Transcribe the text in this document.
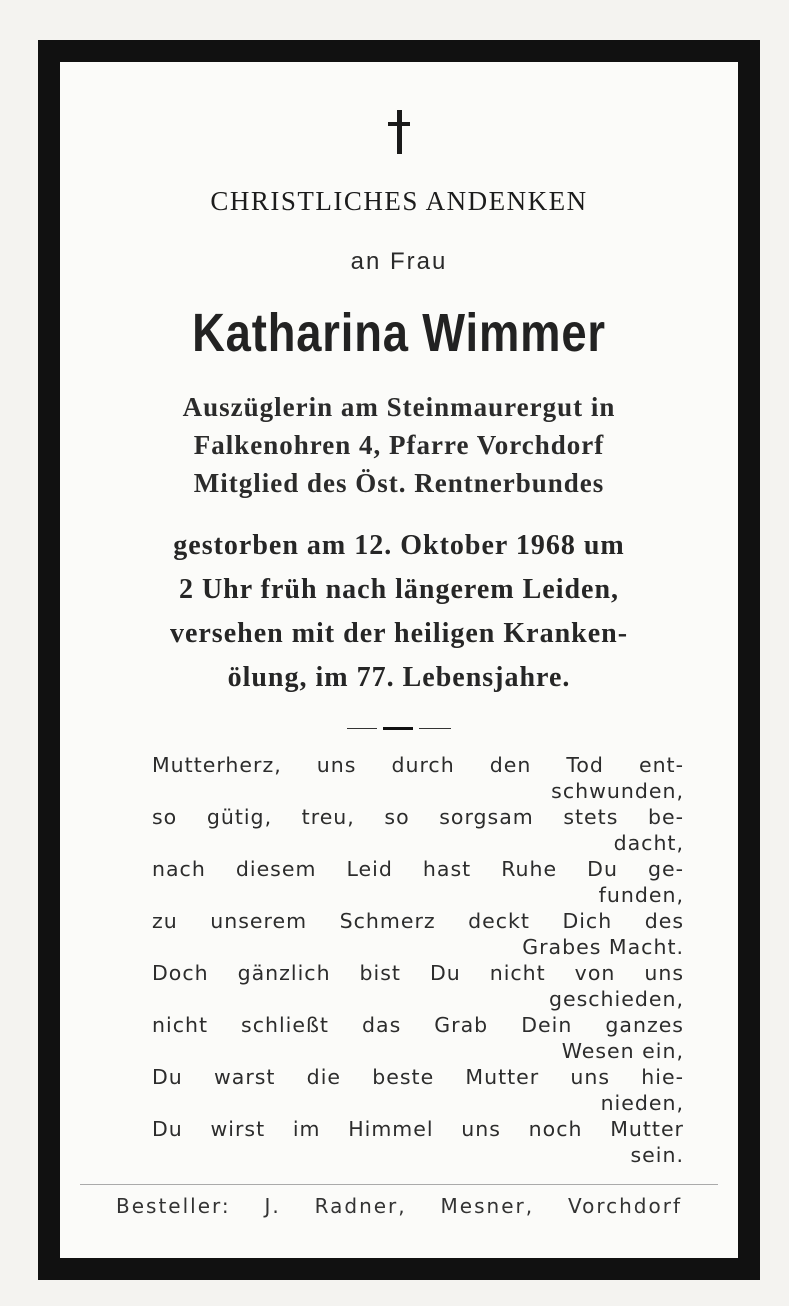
CHRISTLICHES ANDENKEN
an Frau
Katharina Wimmer
Auszüglerin am Steinmaurergut in
Falkenohren 4, Pfarre Vorchdorf
Mitglied des Öst. Rentnerbundes
gestorben am 12. Oktober 1968 um
2 Uhr früh nach längerem Leiden,
versehen mit der heiligen Kranken-
ölung, im 77. Lebensjahre.
Mutterherz, uns durch den Tod ent-
schwunden,
so gütig, treu, so sorgsam stets be-
dacht,
nach diesem Leid hast Ruhe Du ge-
funden,
zu unserem Schmerz deckt Dich des
Grabes Macht.
Doch gänzlich bist Du nicht von uns
geschieden,
nicht schließt das Grab Dein ganzes
Wesen ein,
Du warst die beste Mutter uns hie-
nieden,
Du wirst im Himmel uns noch Mutter
sein.
Besteller: J. Radner, Mesner, Vorchdorf
